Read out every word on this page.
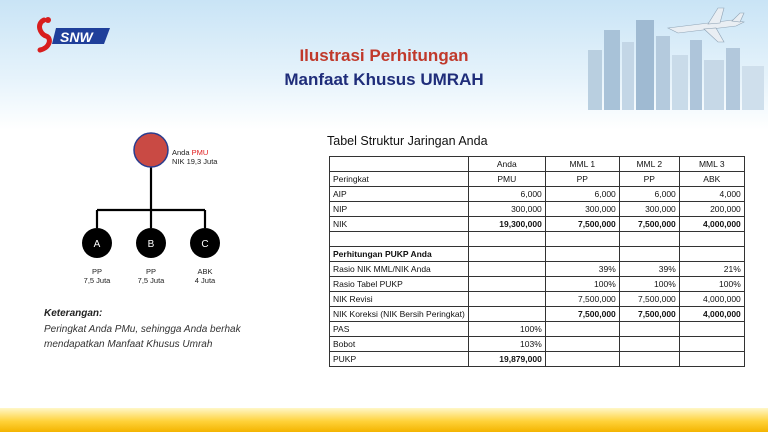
SNW
Ilustrasi Perhitungan
Manfaat Khusus UMRAH
A	B	C
Anda PMU
NIK 19,3 Juta
PP
7,5 Juta
PP
7,5 Juta
ABK
4 Juta
Keterangan:
Peringkat Anda PMu, sehingga Anda berhak
mendapatkan Manfaat Khusus Umrah
Tabel Struktur Jaringan Anda
	Anda	MML 1	MML 2	MML 3
Peringkat	PMU	PP	PP	ABK
AIP	6,000	6,000	6,000	4,000
NIP	300,000	300,000	300,000	200,000
NIK	19,300,000	7,500,000	7,500,000	4,000,000

Perhitungan PUKP Anda				
Rasio NIK MML/NIK Anda		39%	39%	21%
Rasio Tabel PUKP		100%	100%	100%
NIK Revisi		7,500,000	7,500,000	4,000,000
NIK Koreksi (NIK Bersih Peringkat)		7,500,000	7,500,000	4,000,000
PAS	100%			
Bobot	103%			
PUKP	19,879,000			
